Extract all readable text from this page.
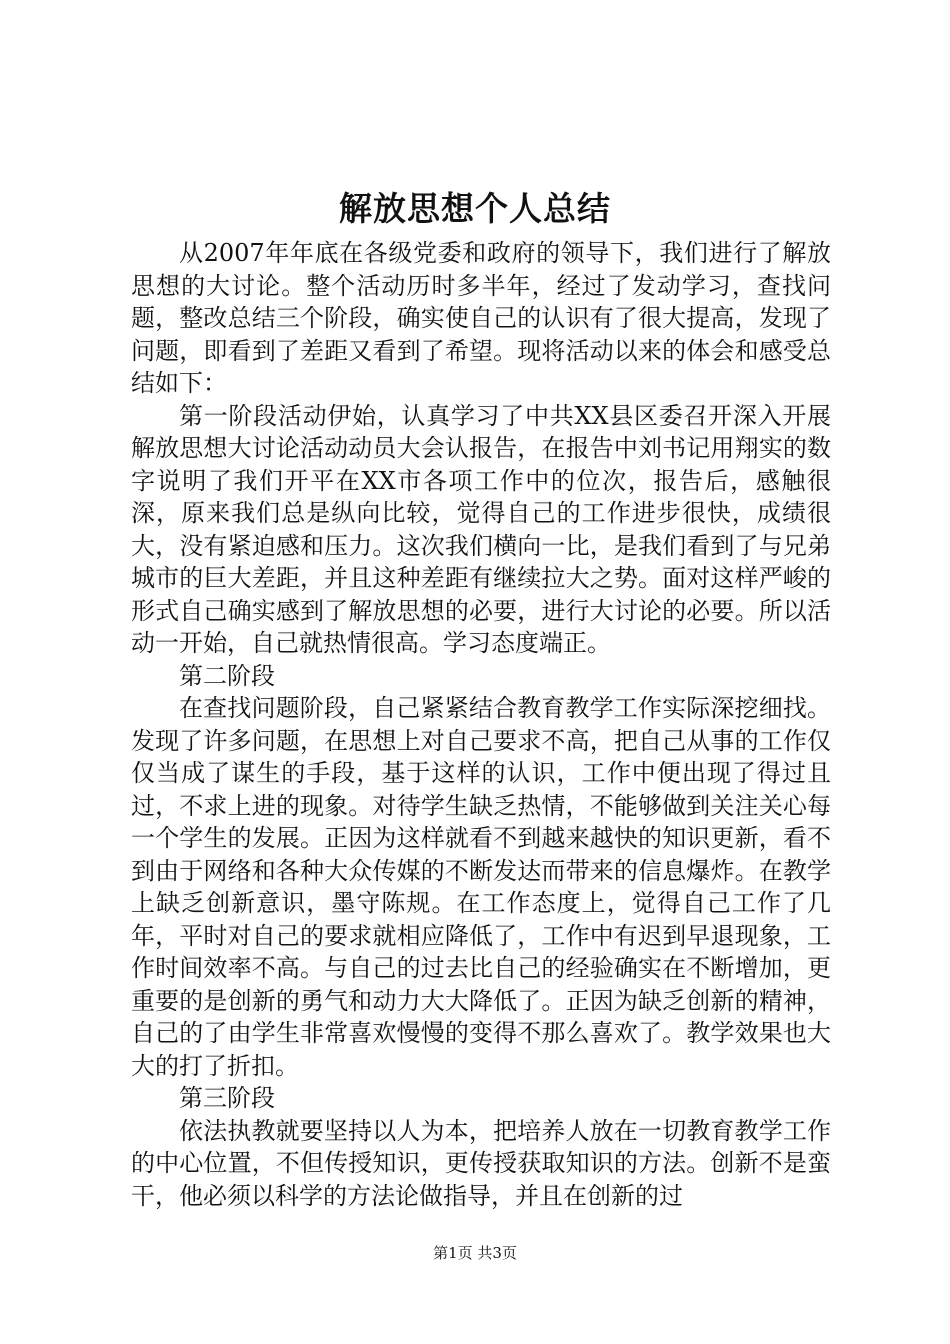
解放思想个人总结

从2007年年底在各级党委和政府的领导下，我们进行了解放思想的大讨论。整个活动历时多半年，经过了发动学习，查找问题，整改总结三个阶段，确实使自己的认识有了很大提高，发现了问题，即看到了差距又看到了希望。现将活动以来的体会和感受总结如下：

第一阶段活动伊始，认真学习了中共XX县区委召开深入开展解放思想大讨论活动动员大会认报告，在报告中刘书记用翔实的数字说明了我们开平在XX市各项工作中的位次，报告后，感触很深，原来我们总是纵向比较，觉得自己的工作进步很快，成绩很大，没有紧迫感和压力。这次我们横向一比，是我们看到了与兄弟城市的巨大差距，并且这种差距有继续拉大之势。面对这样严峻的形式自己确实感到了解放思想的必要，进行大讨论的必要。所以活动一开始，自己就热情很高。学习态度端正。

第二阶段

在查找问题阶段，自己紧紧结合教育教学工作实际深挖细找。发现了许多问题，在思想上对自己要求不高，把自己从事的工作仅仅当成了谋生的手段，基于这样的认识，工作中便出现了得过且过，不求上进的现象。对待学生缺乏热情，不能够做到关注关心每一个学生的发展。正因为这样就看不到越来越快的知识更新，看不到由于网络和各种大众传媒的不断发达而带来的信息爆炸。在教学上缺乏创新意识，墨守陈规。在工作态度上，觉得自己工作了几年，平时对自己的要求就相应降低了，工作中有迟到早退现象，工作时间效率不高。与自己的过去比自己的经验确实在不断增加，更重要的是创新的勇气和动力大大降低了。正因为缺乏创新的精神，自己的了由学生非常喜欢慢慢的变得不那么喜欢了。教学效果也大大的打了折扣。

第三阶段

依法执教就要坚持以人为本，把培养人放在一切教育教学工作的中心位置，不但传授知识，更传授获取知识的方法。创新不是蛮干，他必须以科学的方法论做指导，并且在创新的过

第1页 共3页
